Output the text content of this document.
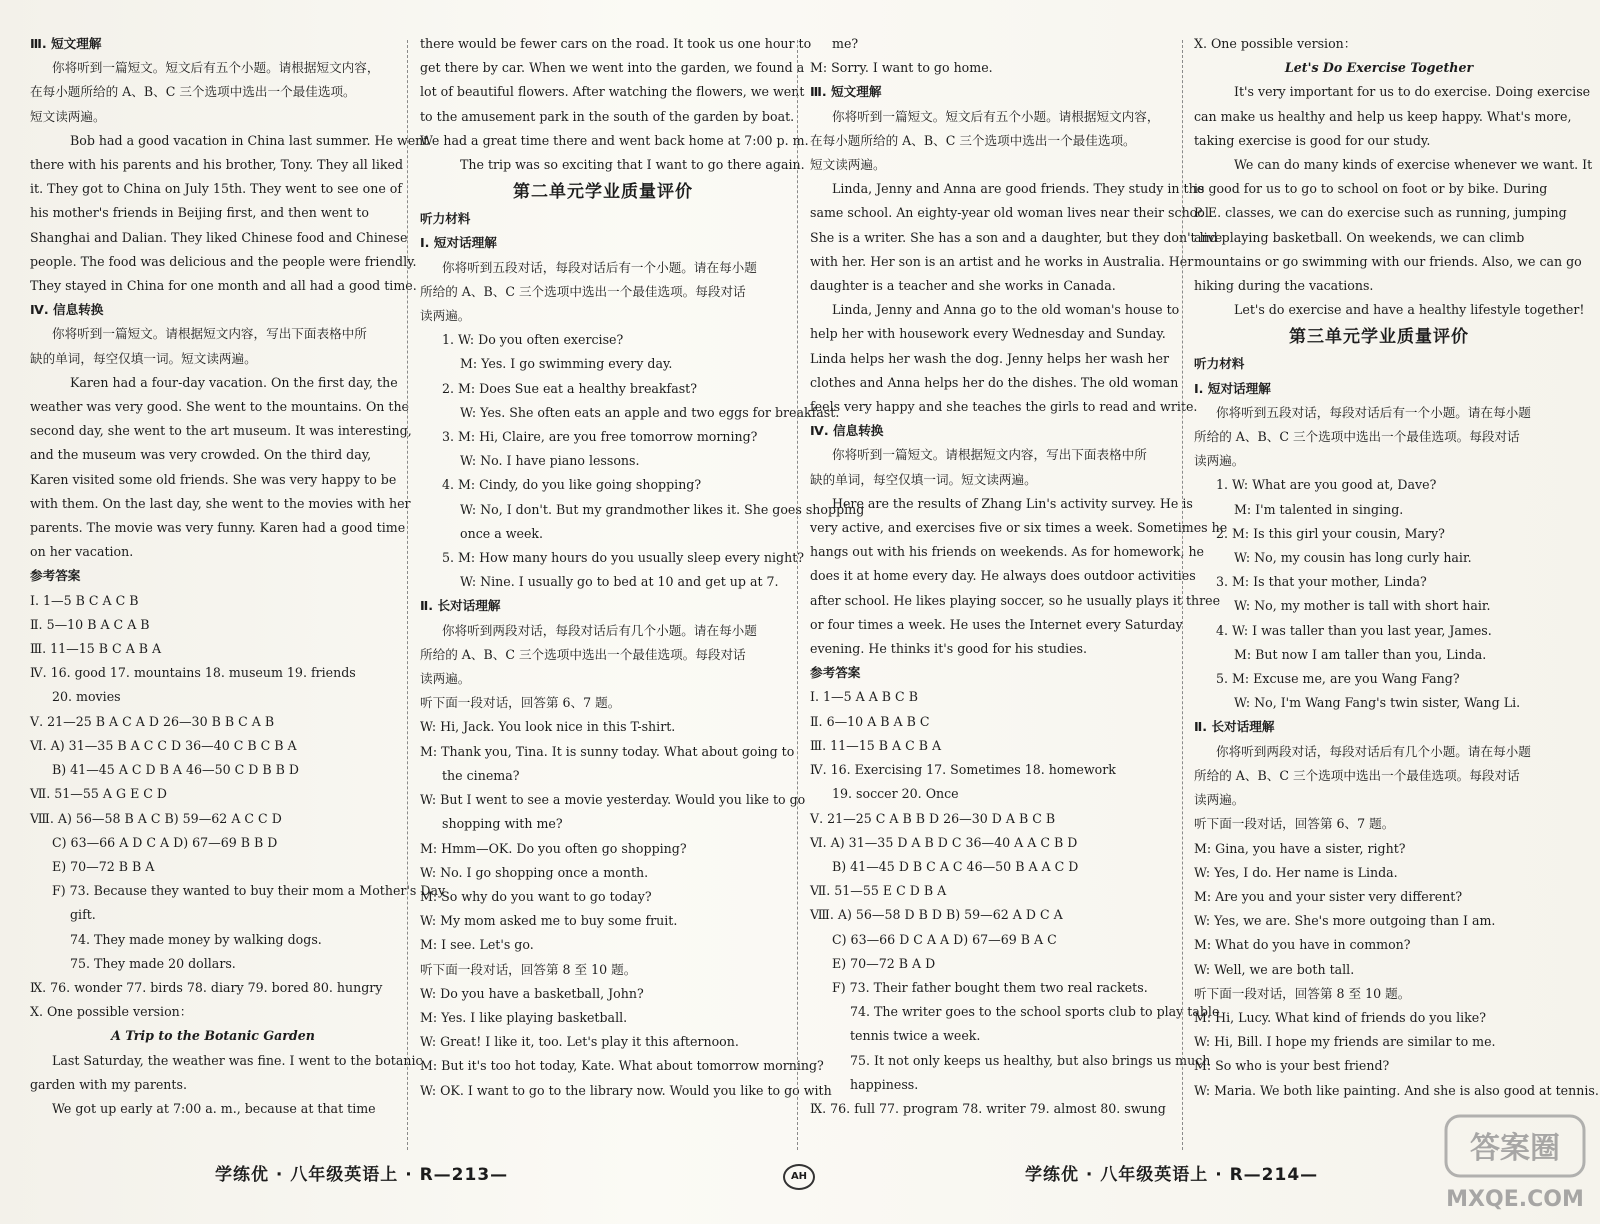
Ⅲ. 短文理解
你将听到一篇短文。短文后有五个小题。请根据短文内容，
在每小题所给的 A、B、C 三个选项中选出一个最佳选项。
短文读两遍。
Bob had a good vacation in China last summer. He went
there with his parents and his brother, Tony. They all liked
it. They got to China on July 15th. They went to see one of
his mother's friends in Beijing first, and then went to
Shanghai and Dalian. They liked Chinese food and Chinese
people. The food was delicious and the people were friendly.
They stayed in China for one month and all had a good time.
Ⅳ. 信息转换
你将听到一篇短文。请根据短文内容，写出下面表格中所
缺的单词，每空仅填一词。短文读两遍。
Karen had a four-day vacation. On the first day, the
weather was very good. She went to the mountains. On the
second day, she went to the art museum. It was interesting,
and the museum was very crowded. On the third day,
Karen visited some old friends. She was very happy to be
with them. On the last day, she went to the movies with her
parents. The movie was very funny. Karen had a good time
on her vacation.
参考答案
Ⅰ. 1—5 B C A C B
Ⅱ. 5—10 B A C A B
Ⅲ. 11—15 B C A B A
Ⅳ. 16. good 17. mountains 18. museum 19. friends
20. movies
Ⅴ. 21—25 B A C A D 26—30 B B C A B
Ⅵ. A) 31—35 B A C C D 36—40 C B C B A
B) 41—45 A C D B A 46—50 C D B B D
Ⅶ. 51—55 A G E C D
Ⅷ. A) 56—58 B A C B) 59—62 A C C D
C) 63—66 A D C A D) 67—69 B B D
E) 70—72 B B A
F) 73. Because they wanted to buy their mom a Mother's Day
gift.
74. They made money by walking dogs.
75. They made 20 dollars.
Ⅸ. 76. wonder 77. birds 78. diary 79. bored 80. hungry
Ⅹ. One possible version：
A Trip to the Botanic Garden
Last Saturday, the weather was fine. I went to the botanic
garden with my parents.
We got up early at 7:00 a. m., because at that time
there would be fewer cars on the road. It took us one hour to
get there by car. When we went into the garden, we found a
lot of beautiful flowers. After watching the flowers, we went
to the amusement park in the south of the garden by boat.
We had a great time there and went back home at 7:00 p. m.
The trip was so exciting that I want to go there again.
第二单元学业质量评价
听力材料
Ⅰ. 短对话理解
你将听到五段对话，每段对话后有一个小题。请在每小题
所给的 A、B、C 三个选项中选出一个最佳选项。每段对话
读两遍。
1. W: Do you often exercise?
M: Yes. I go swimming every day.
2. M: Does Sue eat a healthy breakfast?
W: Yes. She often eats an apple and two eggs for breakfast.
3. M: Hi, Claire, are you free tomorrow morning?
W: No. I have piano lessons.
4. M: Cindy, do you like going shopping?
W: No, I don't. But my grandmother likes it. She goes shopping
once a week.
5. M: How many hours do you usually sleep every night?
W: Nine. I usually go to bed at 10 and get up at 7.
Ⅱ. 长对话理解
你将听到两段对话，每段对话后有几个小题。请在每小题
所给的 A、B、C 三个选项中选出一个最佳选项。每段对话
读两遍。
听下面一段对话，回答第 6、7 题。
W: Hi, Jack. You look nice in this T-shirt.
M: Thank you, Tina. It is sunny today. What about going to
the cinema?
W: But I went to see a movie yesterday. Would you like to go
shopping with me?
M: Hmm—OK. Do you often go shopping?
W: No. I go shopping once a month.
M: So why do you want to go today?
W: My mom asked me to buy some fruit.
M: I see. Let's go.
听下面一段对话，回答第 8 至 10 题。
W: Do you have a basketball, John?
M: Yes. I like playing basketball.
W: Great! I like it, too. Let's play it this afternoon.
M: But it's too hot today, Kate. What about tomorrow morning?
W: OK. I want to go to the library now. Would you like to go with
me?
M: Sorry. I want to go home.
Ⅲ. 短文理解
你将听到一篇短文。短文后有五个小题。请根据短文内容，
在每小题所给的 A、B、C 三个选项中选出一个最佳选项。
短文读两遍。
Linda, Jenny and Anna are good friends. They study in the
same school. An eighty-year old woman lives near their school.
She is a writer. She has a son and a daughter, but they don't live
with her. Her son is an artist and he works in Australia. Her
daughter is a teacher and she works in Canada.
Linda, Jenny and Anna go to the old woman's house to
help her with housework every Wednesday and Sunday.
Linda helps her wash the dog. Jenny helps her wash her
clothes and Anna helps her do the dishes. The old woman
feels very happy and she teaches the girls to read and write.
Ⅳ. 信息转换
你将听到一篇短文。请根据短文内容，写出下面表格中所
缺的单词，每空仅填一词。短文读两遍。
Here are the results of Zhang Lin's activity survey. He is
very active, and exercises five or six times a week. Sometimes he
hangs out with his friends on weekends. As for homework, he
does it at home every day. He always does outdoor activities
after school. He likes playing soccer, so he usually plays it three
or four times a week. He uses the Internet every Saturday
evening. He thinks it's good for his studies.
参考答案
Ⅰ. 1—5 A A B C B
Ⅱ. 6—10 A B A B C
Ⅲ. 11—15 B A C B A
Ⅳ. 16. Exercising 17. Sometimes 18. homework
19. soccer 20. Once
Ⅴ. 21—25 C A B B D 26—30 D A B C B
Ⅵ. A) 31—35 D A B D C 36—40 A A C B D
B) 41—45 D B C A C 46—50 B A A C D
Ⅶ. 51—55 E C D B A
Ⅷ. A) 56—58 D B D B) 59—62 A D C A
C) 63—66 D C A A D) 67—69 B A C
E) 70—72 B A D
F) 73. Their father bought them two real rackets.
74. The writer goes to the school sports club to play table
tennis twice a week.
75. It not only keeps us healthy, but also brings us much
happiness.
Ⅸ. 76. full 77. program 78. writer 79. almost 80. swung
Ⅹ. One possible version：
Let's Do Exercise Together
It's very important for us to do exercise. Doing exercise
can make us healthy and help us keep happy. What's more,
taking exercise is good for our study.
We can do many kinds of exercise whenever we want. It
is good for us to go to school on foot or by bike. During
P. E. classes, we can do exercise such as running, jumping
and playing basketball. On weekends, we can climb
mountains or go swimming with our friends. Also, we can go
hiking during the vacations.
Let's do exercise and have a healthy lifestyle together!
第三单元学业质量评价
听力材料
Ⅰ. 短对话理解
你将听到五段对话，每段对话后有一个小题。请在每小题
所给的 A、B、C 三个选项中选出一个最佳选项。每段对话
读两遍。
1. W: What are you good at, Dave?
M: I'm talented in singing.
2. M: Is this girl your cousin, Mary?
W: No, my cousin has long curly hair.
3. M: Is that your mother, Linda?
W: No, my mother is tall with short hair.
4. W: I was taller than you last year, James.
M: But now I am taller than you, Linda.
5. M: Excuse me, are you Wang Fang?
W: No, I'm Wang Fang's twin sister, Wang Li.
Ⅱ. 长对话理解
你将听到两段对话，每段对话后有几个小题。请在每小题
所给的 A、B、C 三个选项中选出一个最佳选项。每段对话
读两遍。
听下面一段对话，回答第 6、7 题。
M: Gina, you have a sister, right?
W: Yes, I do. Her name is Linda.
M: Are you and your sister very different?
W: Yes, we are. She's more outgoing than I am.
M: What do you have in common?
W: Well, we are both tall.
听下面一段对话，回答第 8 至 10 题。
M: Hi, Lucy. What kind of friends do you like?
W: Hi, Bill. I hope my friends are similar to me.
M: So who is your best friend?
W: Maria. We both like painting. And she is also good at tennis.
学练优 · 八年级英语上 · R—213—	AH	学练优 · 八年级英语上 · R—214—
答案圈
MXQE.COM
